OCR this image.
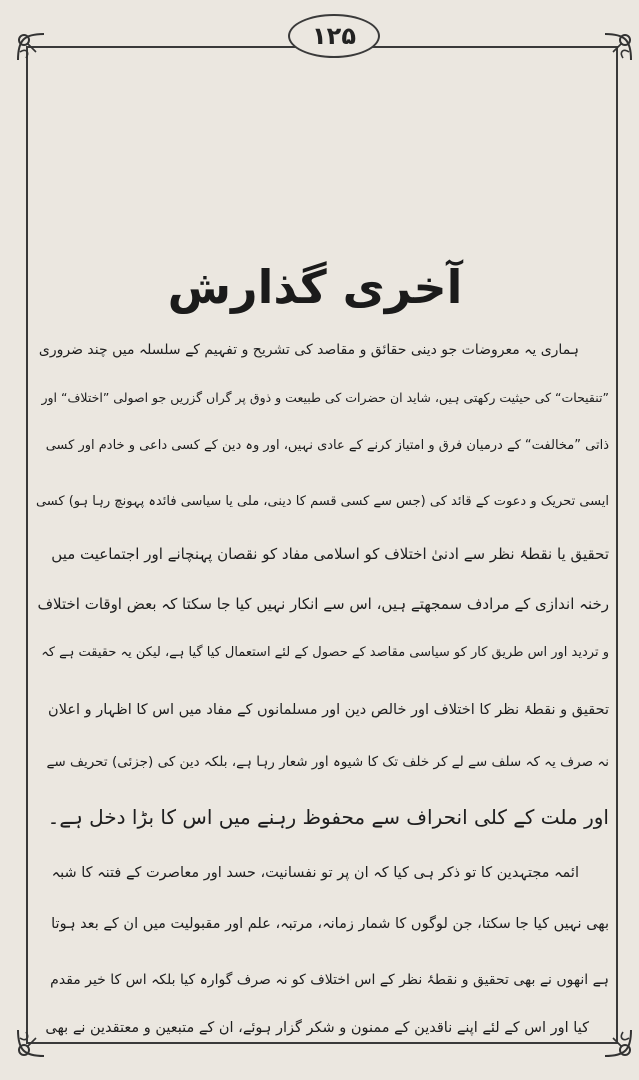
۱۲۵
آخری گذارش
ہماری یہ معروضات جو دینی حقائق و مقاصد کی تشریح و تفہیم کے سلسلہ میں چند ضروری
”تنقیحات“ کی حیثیت رکھتی ہیں، شاید ان حضرات کی طبیعت و ذوق پر گراں گزریں جو اصولی ”اختلاف“ اور
ذاتی ”مخالفت“ کے درمیان فرق و امتیاز کرنے کے عادی نہیں، اور وہ دین کے کسی داعی و خادم اور کسی
ایسی تحریک و دعوت کے قائد کی (جس سے کسی قسم کا دینی، ملی یا سیاسی فائدہ پہونچ رہا ہو) کسی
تحقیق یا نقطۂ نظر سے ادنیٰ اختلاف کو اسلامی مفاد کو نقصان پہنچانے اور اجتماعیت میں
رخنہ اندازی کے مرادف سمجھتے ہیں، اس سے انکار نہیں کیا جا سکتا کہ بعض اوقات اختلاف
و تردید اور اس طریق کار کو سیاسی مقاصد کے حصول کے لئے استعمال کیا گیا ہے، لیکن یہ حقیقت ہے کہ
تحقیق و نقطۂ نظر کا اختلاف اور خالص دین اور مسلمانوں کے مفاد میں اس کا اظہار و اعلان
نہ صرف یہ کہ سلف سے لے کر خلف تک کا شیوہ اور شعار رہا ہے، بلکہ دین کی (جزئی) تحریف سے
اور ملت کے کلی انحراف سے محفوظ رہنے میں اس کا بڑا دخل ہے۔
ائمہ مجتہدین کا تو ذکر ہی کیا کہ ان پر تو نفسانیت، حسد اور معاصرت کے فتنہ کا شبہ
بھی نہیں کیا جا سکتا، جن لوگوں کا شمار زمانہ، مرتبہ، علم اور مقبولیت میں ان کے بعد ہوتا
ہے انھوں نے بھی تحقیق و نقطۂ نظر کے اس اختلاف کو نہ صرف گوارہ کیا بلکہ اس کا خیر مقدم
کیا اور اس کے لئے اپنے ناقدین کے ممنون و شکر گزار ہوئے، ان کے متبعین و معتقدین نے بھی
